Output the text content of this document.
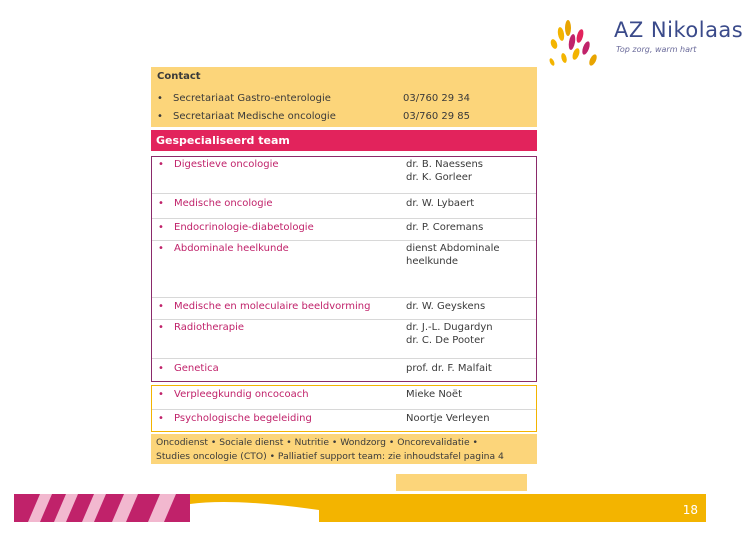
AZ Nikolaas
Top zorg, warm hart
Contact
• Secretariaat Gastro-enterologie	03/760 29 34
• Secretariaat Medische oncologie	03/760 29 85
Gespecialiseerd team
• Digestieve oncologie	dr. B. Naessens
dr. K. Gorleer
• Medische oncologie	dr. W. Lybaert
• Endocrinologie-diabetologie	dr. P. Coremans
• Abdominale heelkunde	dienst Abdominale
heelkunde
• Medische en moleculaire beeldvorming	dr. W. Geyskens
• Radiotherapie	dr. J.-L. Dugardyn
dr. C. De Pooter
• Genetica	prof. dr. F. Malfait
• Verpleegkundig oncocoach	Mieke Noët
• Psychologische begeleiding	Noortje Verleyen
Oncodienst • Sociale dienst • Nutritie • Wondzorg • Oncorevalidatie •
Studies oncologie (CTO) • Palliatief support team: zie inhoudstafel pagina 4
18
